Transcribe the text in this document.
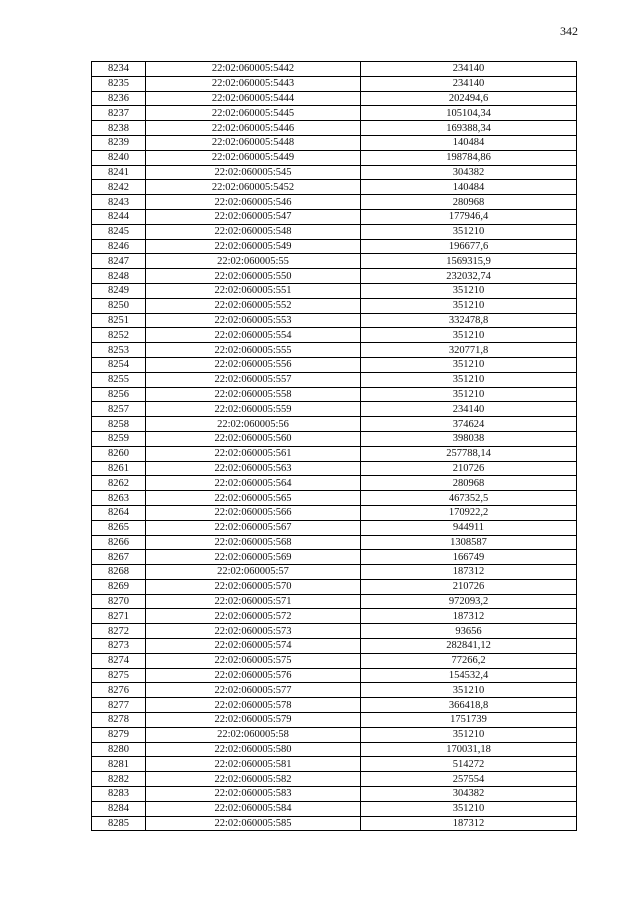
342
8234	22:02:060005:5442	234140
8235	22:02:060005:5443	234140
8236	22:02:060005:5444	202494,6
8237	22:02:060005:5445	105104,34
8238	22:02:060005:5446	169388,34
8239	22:02:060005:5448	140484
8240	22:02:060005:5449	198784,86
8241	22:02:060005:545	304382
8242	22:02:060005:5452	140484
8243	22:02:060005:546	280968
8244	22:02:060005:547	177946,4
8245	22:02:060005:548	351210
8246	22:02:060005:549	196677,6
8247	22:02:060005:55	1569315,9
8248	22:02:060005:550	232032,74
8249	22:02:060005:551	351210
8250	22:02:060005:552	351210
8251	22:02:060005:553	332478,8
8252	22:02:060005:554	351210
8253	22:02:060005:555	320771,8
8254	22:02:060005:556	351210
8255	22:02:060005:557	351210
8256	22:02:060005:558	351210
8257	22:02:060005:559	234140
8258	22:02:060005:56	374624
8259	22:02:060005:560	398038
8260	22:02:060005:561	257788,14
8261	22:02:060005:563	210726
8262	22:02:060005:564	280968
8263	22:02:060005:565	467352,5
8264	22:02:060005:566	170922,2
8265	22:02:060005:567	944911
8266	22:02:060005:568	1308587
8267	22:02:060005:569	166749
8268	22:02:060005:57	187312
8269	22:02:060005:570	210726
8270	22:02:060005:571	972093,2
8271	22:02:060005:572	187312
8272	22:02:060005:573	93656
8273	22:02:060005:574	282841,12
8274	22:02:060005:575	77266,2
8275	22:02:060005:576	154532,4
8276	22:02:060005:577	351210
8277	22:02:060005:578	366418,8
8278	22:02:060005:579	1751739
8279	22:02:060005:58	351210
8280	22:02:060005:580	170031,18
8281	22:02:060005:581	514272
8282	22:02:060005:582	257554
8283	22:02:060005:583	304382
8284	22:02:060005:584	351210
8285	22:02:060005:585	187312
